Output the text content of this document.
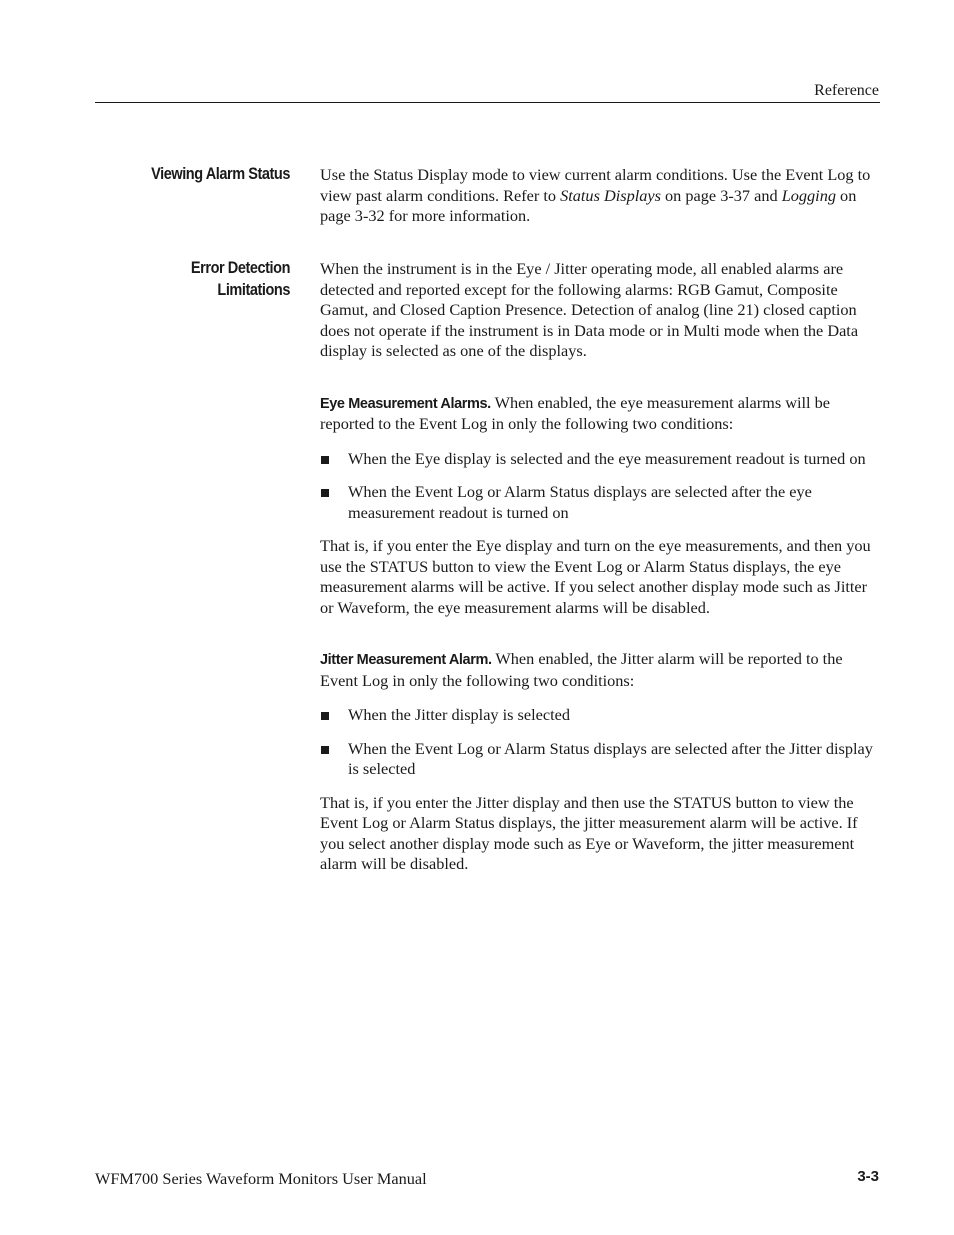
Reference
Viewing Alarm Status Use the Status Display mode to view current alarm conditions. Use the Event Log to view past alarm conditions. Refer to Status Displays on page 3-37 and Logging on page 3-32 for more information.

Error Detection
Limitations

When the instrument is in the Eye / Jitter operating mode, all enabled alarms are detected and reported except for the following alarms: RGB Gamut, Composite Gamut, and Closed Caption Presence. Detection of analog (line 21) closed caption does not operate if the instrument is in Data mode or in Multi mode when the Data display is selected as one of the displays.

Eye Measurement Alarms. When enabled, the eye measurement alarms will be reported to the Event Log in only the following two conditions:

When the Eye display is selected and the eye measurement readout is turned on
When the Event Log or Alarm Status displays are selected after the eye measurement readout is turned on

That is, if you enter the Eye display and turn on the eye measurements, and then you use the STATUS button to view the Event Log or Alarm Status displays, the eye measurement alarms will be active. If you select another display mode such as Jitter or Waveform, the eye measurement alarms will be disabled.

Jitter Measurement Alarm. When enabled, the Jitter alarm will be reported to the Event Log in only the following two conditions:

When the Jitter display is selected
When the Event Log or Alarm Status displays are selected after the Jitter display is selected

That is, if you enter the Jitter display and then use the STATUS button to view the Event Log or Alarm Status displays, the jitter measurement alarm will be active. If you select another display mode such as Eye or Waveform, the jitter measurement alarm will be disabled.

WFM700 Series Waveform Monitors User Manual	3-3
